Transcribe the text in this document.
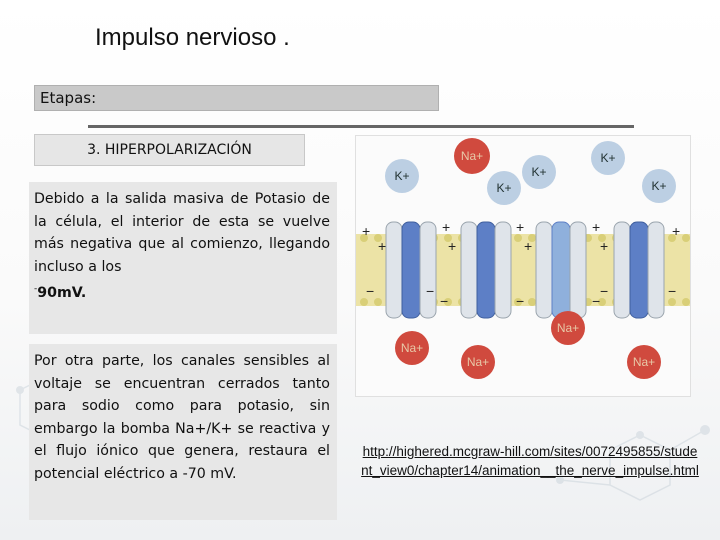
Impulso nervioso .
Etapas:
3. HIPERPOLARIZACIÓN
Debido a la salida masiva de Potasio de la célula, el interior de esta se vuelve más negativa que al comienzo, llegando incluso a los
-90mV.
Por otra parte, los canales sensibles al voltaje se encuentran cerrados tanto para sodio como para potasio, sin embargo la bomba Na+/K+ se reactiva y el flujo iónico que genera, restaura el potencial eléctrico a -70 mV.
+	+	+	+	+
+	+	+	+
−
−	−	−
−
−	−
Na+
K+
K+
K+
K+
K+
Na+
Na+
Na+	Na+
http://highered.mcgraw-hill.com/sites/0072495855/student_view0/chapter14/animation__the_nerve_impulse.html
